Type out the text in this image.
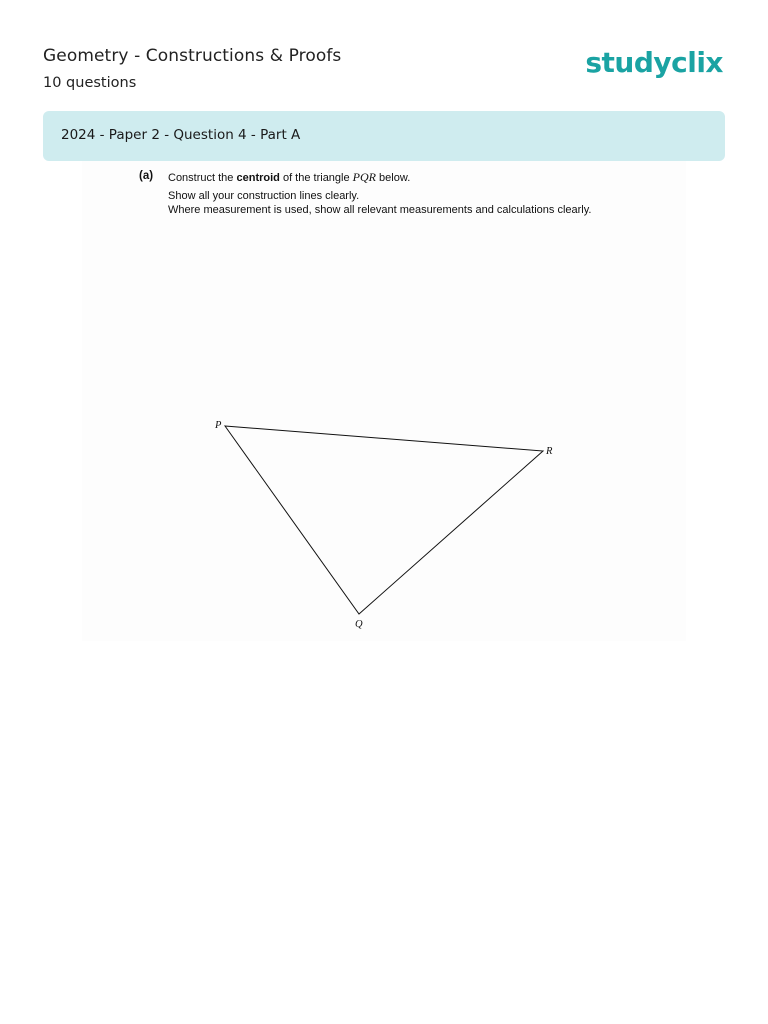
Geometry - Constructions & Proofs
10 questions
studyclix
2024 - Paper 2 - Question 4 - Part A
(a) Construct the centroid of the triangle PQR below.
Show all your construction lines clearly.
Where measurement is used, show all relevant measurements and calculations clearly.
P
R
Q
